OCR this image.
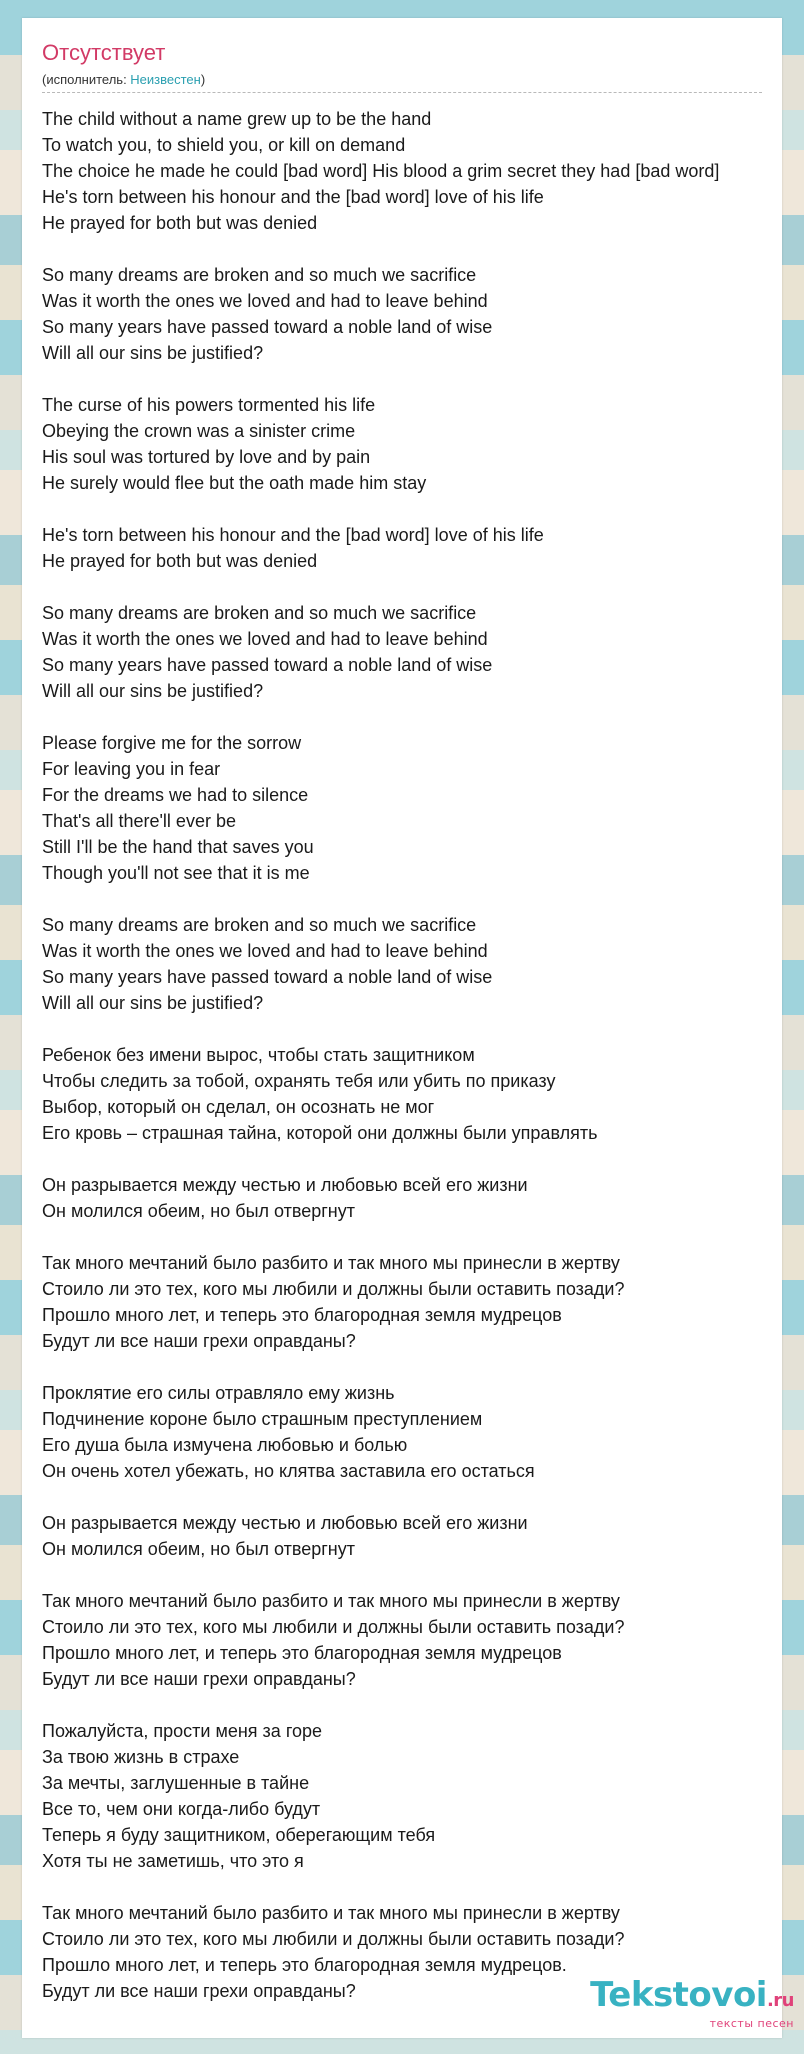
Отсутствует
(исполнитель: Неизвестен)
The child without a name grew up to be the hand
To watch you, to shield you, or kill on demand
The choice he made he could [bad word] His blood a grim secret they had [bad word]
He's torn between his honour and the [bad word] love of his life
He prayed for both but was denied
So many dreams are broken and so much we sacrifice
Was it worth the ones we loved and had to leave behind
So many years have passed toward a noble land of wise
Will all our sins be justified?
The curse of his powers tormented his life
Obeying the crown was a sinister crime
His soul was tortured by love and by pain
He surely would flee but the oath made him stay
He's torn between his honour and the [bad word] love of his life
He prayed for both but was denied
So many dreams are broken and so much we sacrifice
Was it worth the ones we loved and had to leave behind
So many years have passed toward a noble land of wise
Will all our sins be justified?
Please forgive me for the sorrow
For leaving you in fear
For the dreams we had to silence
That's all there'll ever be
Still I'll be the hand that saves you
Though you'll not see that it is me
So many dreams are broken and so much we sacrifice
Was it worth the ones we loved and had to leave behind
So many years have passed toward a noble land of wise
Will all our sins be justified?
Ребенок без имени вырос, чтобы стать защитником
Чтобы следить за тобой, охранять тебя или убить по приказу
Выбор, который он сделал, он осознать не мог
Его кровь – страшная тайна, которой они должны были управлять
Он разрывается между честью и любовью всей его жизни
Он молился обеим, но был отвергнут
Так много мечтаний было разбито и так много мы принесли в жертву
Стоило ли это тех, кого мы любили и должны были оставить позади?
Прошло много лет, и теперь это благородная земля мудрецов
Будут ли все наши грехи оправданы?
Проклятие его силы отравляло ему жизнь
Подчинение короне было страшным преступлением
Его душа была измучена любовью и болью
Он очень хотел убежать, но клятва заставила его остаться
Он разрывается между честью и любовью всей его жизни
Он молился обеим, но был отвергнут
Так много мечтаний было разбито и так много мы принесли в жертву
Стоило ли это тех, кого мы любили и должны были оставить позади?
Прошло много лет, и теперь это благородная земля мудрецов
Будут ли все наши грехи оправданы?
Пожалуйста, прости меня за горе
За твою жизнь в страхе
За мечты, заглушенные в тайне
Все то, чем они когда-либо будут
Теперь я буду защитником, оберегающим тебя
Хотя ты не заметишь, что это я
Так много мечтаний было разбито и так много мы принесли в жертву
Стоило ли это тех, кого мы любили и должны были оставить позади?
Прошло много лет, и теперь это благородная земля мудрецов.
Будут ли все наши грехи оправданы?	Tekstovoi.ru
тексты песен
